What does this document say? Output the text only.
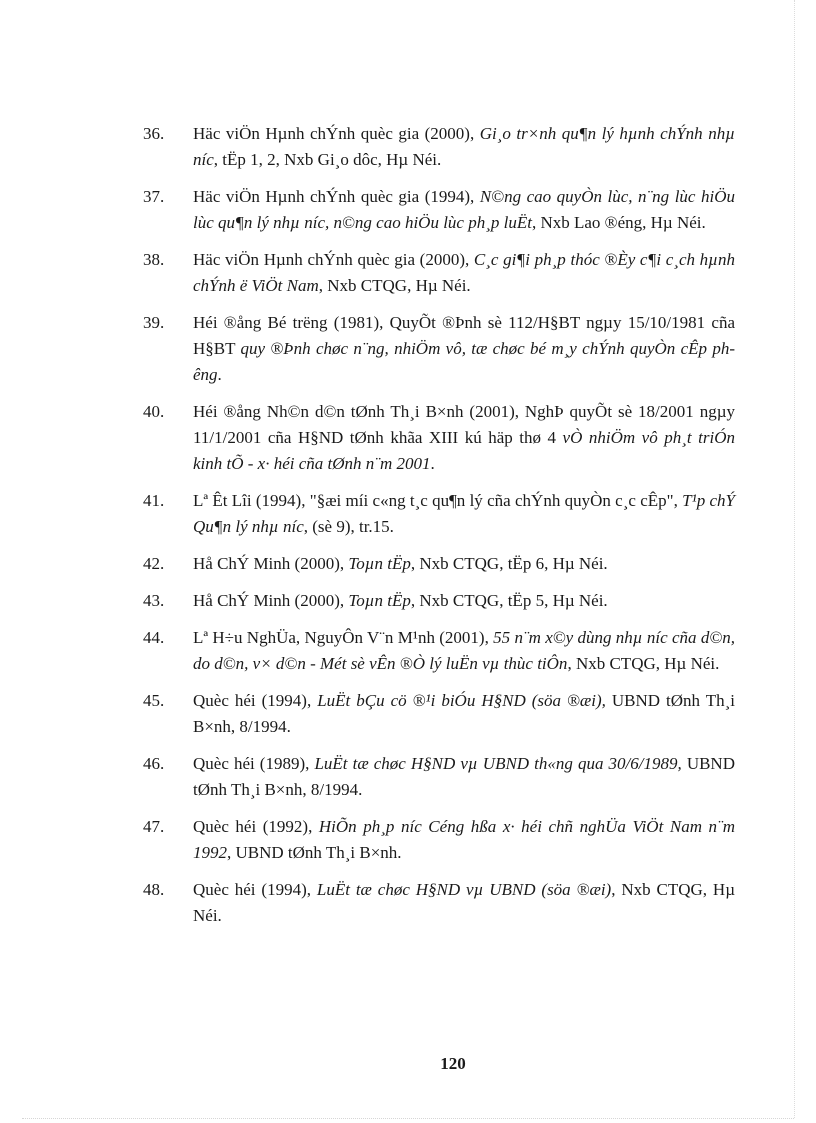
36. Häc viÖn Hµnh chÝnh quèc gia (2000), Gi¸o tr×nh qu¶n lý hµnh chÝnh nhµ níc, tËp 1, 2, Nxb Gi¸o dôc, Hµ Néi.
37. Häc viÖn Hµnh chÝnh quèc gia (1994), N©ng cao quyÒn lùc, n¨ng lùc hiÖu lùc qu¶n lý nhµ níc, n©ng cao hiÖu lùc ph¸p luËt, Nxb Lao ®éng, Hµ Néi.
38. Häc viÖn Hµnh chÝnh quèc gia (2000), C¸c gi¶i ph¸p thóc ®Èy c¶i c¸ch hµnh chÝnh ë ViÖt Nam, Nxb CTQG, Hµ Néi.
39. Héi ®ång Bé trëng (1981), QuyÕt ®Þnh sè 112/H§BT ngµy 15/10/1981 cña H§BT quy ®Þnh chøc n¨ng, nhiÖm vô, tæ chøc bé m¸y chÝnh quyÒn cÊp phêng.
40. Héi ®ång Nh©n d©n tØnh Th¸i B×nh (2001), NghÞ quyÕt sè 18/2001 ngµy 11/1/2001 cña H§ND tØnh khãa XIII kú häp thø 4 vÒ nhiÖm vô ph¸t triÓn kinh tÕ - x· héi cña tØnh n¨m 2001.
41. Lª Êt Lîi (1994), "§æi míi c«ng t¸c qu¶n lý cña chÝnh quyÒn c¸c cÊp", T¹p chÝ Qu¶n lý nhµ níc, (sè 9), tr.15.
42. Hå ChÝ Minh (2000), Toµn tËp, Nxb CTQG, tËp 6, Hµ Néi.
43. Hå ChÝ Minh (2000), Toµn tËp, Nxb CTQG, tËp 5, Hµ Néi.
44. Lª H÷u NghÜa, NguyÔn V¨n M¹nh (2001), 55 n¨m x©y dùng nhµ níc cña d©n, do d©n, v× d©n - Mét sè vÊn ®Ò lý luËn vµ thùc tiÔn, Nxb CTQG, Hµ Néi.
45. Quèc héi (1994), LuËt bÇu cö ®¹i biÓu H§ND (söa ®æi), UBND tØnh Th¸i B×nh, 8/1994.
46. Quèc héi (1989), LuËt tæ chøc H§ND vµ UBND th«ng qua 30/6/1989, UBND tØnh Th¸i B×nh, 8/1994.
47. Quèc héi (1992), HiÕn ph¸p níc Céng hßa x· héi chñ nghÜa ViÖt Nam n¨m 1992, UBND tØnh Th¸i B×nh.
48. Quèc héi (1994), LuËt tæ chøc H§ND vµ UBND (söa ®æi), Nxb CTQG, Hµ Néi.
120
